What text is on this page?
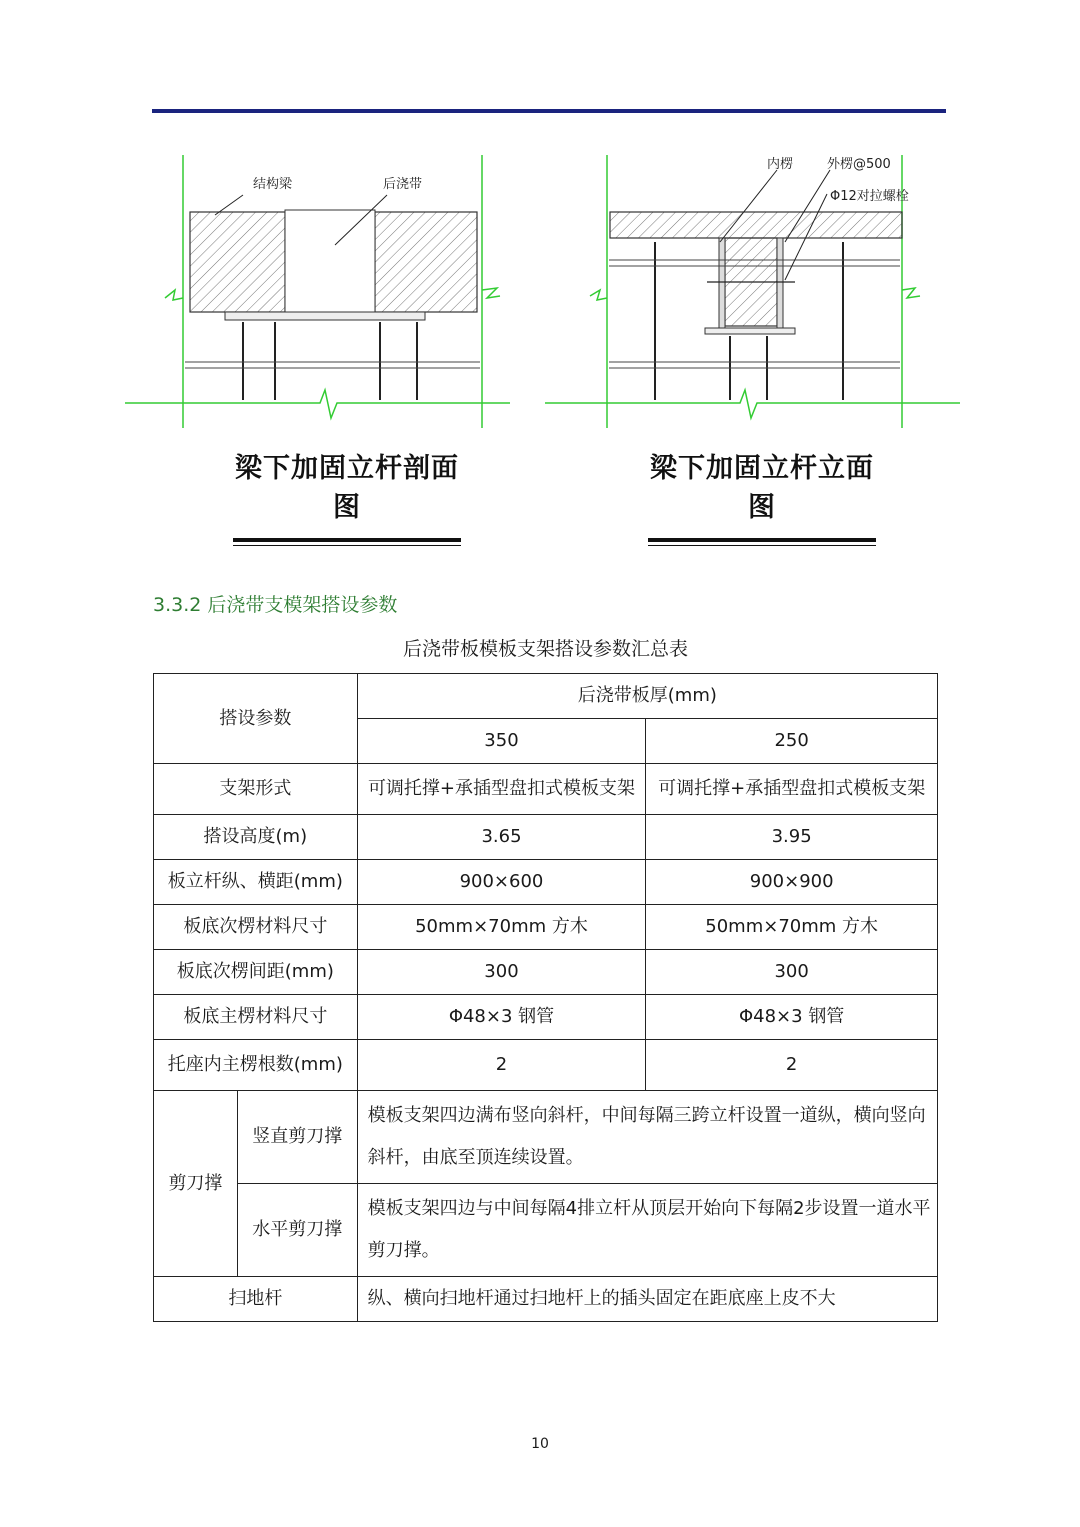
结构梁	后浇带
内楞	外楞@500
Φ12对拉螺栓
梁下加固立杆剖面图
梁下加固立杆立面图
3.3.2 后浇带支模架搭设参数
后浇带板模板支架搭设参数汇总表
搭设参数		后浇带板厚(mm)	
		350	250
支架形式		可调托撑+承插型盘扣式模板支架	可调托撑+承插型盘扣式模板支架
搭设高度(m)		3.65	3.95
板立杆纵、横距(mm)		900×600	900×900
板底次楞材料尺寸		50mm×70mm 方木	50mm×70mm 方木
板底次楞间距(mm)		300	300
板底主楞材料尺寸		Φ48×3 钢管	Φ48×3 钢管
托座内主楞根数(mm)		2	2
剪刀撑	竖直剪刀撑	模板支架四边满布竖向斜杆，中间每隔三跨立杆设置一道纵，横向竖向斜杆，由底至顶连续设置。	
	水平剪刀撑	模板支架四边与中间每隔4排立杆从顶层开始向下每隔2步设置一道水平剪刀撑。	
扫地杆		纵、横向扫地杆通过扫地杆上的插头固定在距底座上皮不大	
10
